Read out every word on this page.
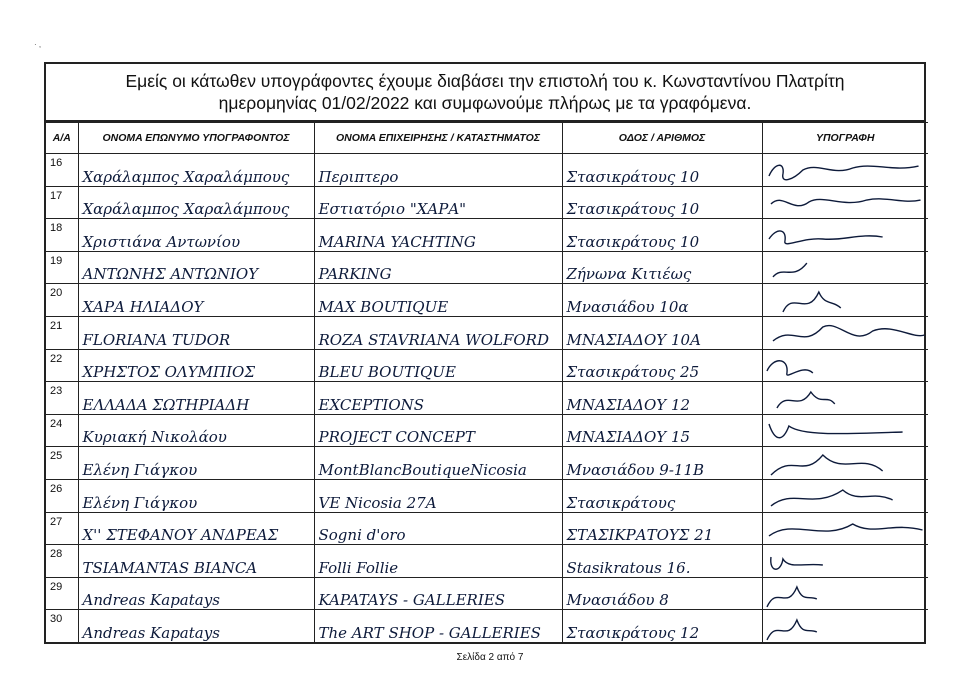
· ,
Εμείς οι κάτωθεν υπογράφοντες έχουμε διαβάσει την επιστολή του κ. Κωνσταντίνου Πλατρίτη
ημερομηνίας 01/02/2022 και συμφωνούμε πλήρως με τα γραφόμενα.
Α/Α	ΟΝΟΜΑ ΕΠΩΝΥΜΟ ΥΠΟΓΡΑΦΟΝΤΟΣ	ΟΝΟΜΑ ΕΠΙΧΕΙΡΗΣΗΣ / ΚΑΤΑΣΤΗΜΑΤΟΣ	ΟΔΟΣ / ΑΡΙΘΜΟΣ	ΥΠΟΓΡΑΦΗ
16	Χαράλαμπος Χαραλάμπους	Περιπτερο	Στασικράτους 10	

17	Χαράλαμπος Χαραλάμπους	Εστιατόριο "ΧΑΡΑ"	Στασικράτους 10	

18	Χριστιάνα Αντωνίου	MARINA YACHTING	Στασικράτους 10	

19	ΑΝΤΩΝΗΣ ΑΝΤΩΝΙΟΥ	PARKING	Ζήνωνα Κιτιέως	

20	ΧΑΡΑ ΗΛΙΑΔΟΥ	MAX BOUTIQUE	Μνασιάδου 10α	

21	FLORIANA TUDOR	ROZA STAVRIANA WOLFORD	ΜΝΑΣΙΑΔΟΥ 10Α	

22	ΧΡΗΣΤΟΣ ΟΛΥΜΠΙΟΣ	BLEU BOUTIQUE	Στασικράτους 25	

23	ΕΛΛΑΔΑ ΣΩΤΗΡΙΑΔΗ	EXCEPTIONS	ΜΝΑΣΙΑΔΟΥ 12	

24	Κυριακή Νικολάου	PROJECT CONCEPT	ΜΝΑΣΙΑΔΟΥ 15	

25	Ελένη Γιάγκου	MontBlancBoutiqueNicosia	Μνασιάδου 9-11Β	

26	Ελένη Γιάγκου	VE Nicosia 27A	Στασικράτους	

27	Χ'' ΣΤΕΦΑΝΟΥ ΑΝΔΡΕΑΣ	Sogni d'oro	ΣΤΑΣΙΚΡΑΤΟΥΣ 21	

28	TSIAMANTAS BIANCA	Folli Follie	Stasikratous 16.	

29	Andreas Kapatays	KAPATAYS - GALLERIES	Μνασιάδου 8	

30	Andreas Kapatays	The ART SHOP - GALLERIES	Στασικράτους 12	
Σελίδα 2 από 7
